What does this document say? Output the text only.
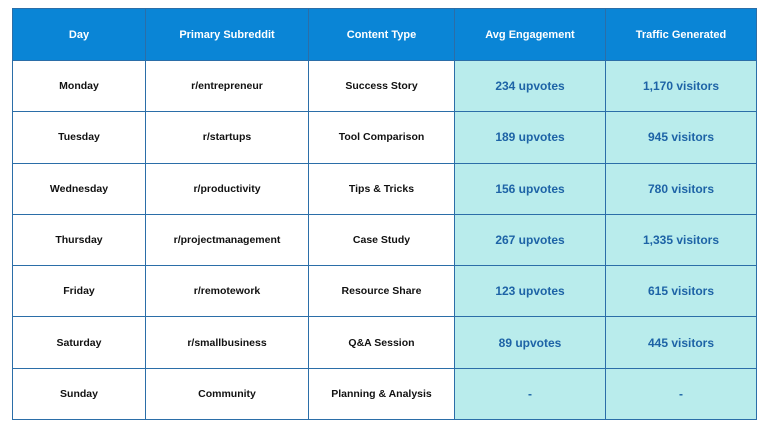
Day	Primary Subreddit	Content Type	Avg Engagement	Traffic Generated
Monday	r/entrepreneur	Success Story	234 upvotes	1,170 visitors
Tuesday	r/startups	Tool Comparison	189 upvotes	945 visitors
Wednesday	r/productivity	Tips & Tricks	156 upvotes	780 visitors
Thursday	r/projectmanagement	Case Study	267 upvotes	1,335 visitors
Friday	r/remotework	Resource Share	123 upvotes	615 visitors
Saturday	r/smallbusiness	Q&A Session	89 upvotes	445 visitors
Sunday	Community	Planning & Analysis	-	-
